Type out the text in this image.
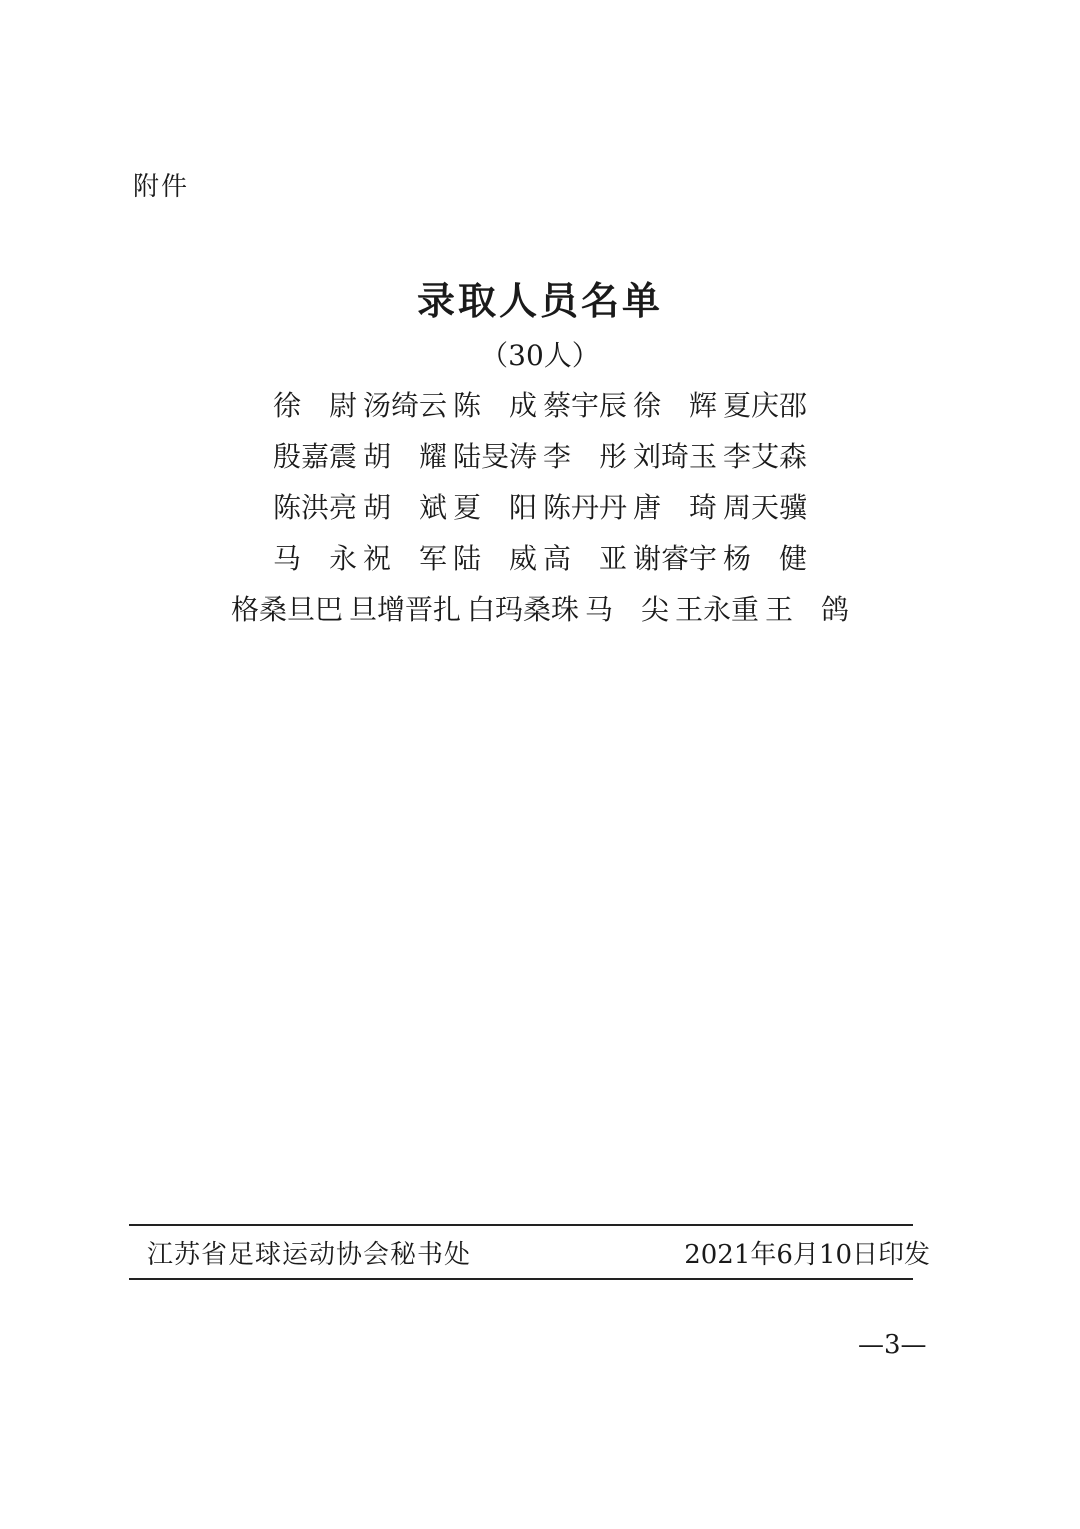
附件
录取人员名单
（30人）
徐　尉 汤绮云 陈　成 蔡宇辰 徐　辉 夏庆邵
殷嘉震 胡　耀 陆旻涛 李　彤 刘琦玉 李艾森
陈洪亮 胡　斌 夏　阳 陈丹丹 唐　琦 周天骥
马　永 祝　军 陆　威 高　亚 谢睿宇 杨　健
格桑旦巴 旦增晋扎 白玛桑珠 马　尖 王永重 王　鸽
江苏省足球运动协会秘书处	2021年6月10日印发
—3—
